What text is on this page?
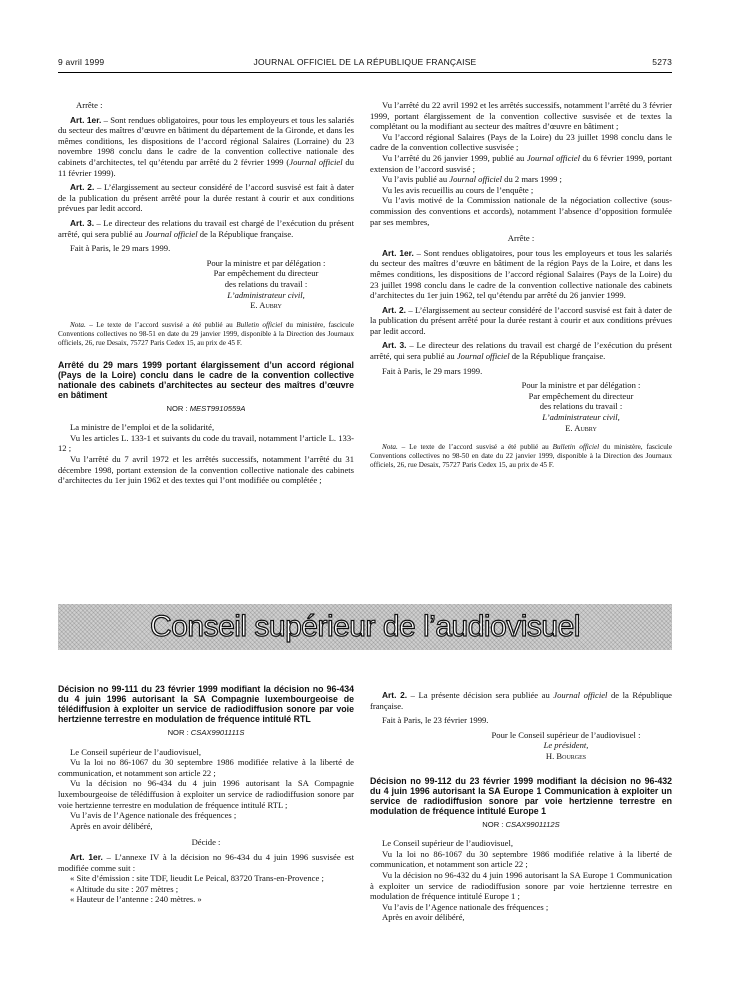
9 avril 1999	JOURNAL OFFICIEL DE LA RÉPUBLIQUE FRANÇAISE	5273

Arrête :

Art. 1er. – Sont rendues obligatoires, pour tous les employeurs et tous les salariés du secteur des maîtres d’œuvre en bâtiment du département de la Gironde, et dans les mêmes conditions, les dispositions de l’accord régional Salaires (Lorraine) du 23 novembre 1998 conclu dans le cadre de la convention collective nationale des cabinets d’architectes, tel qu’étendu par arrêté du 2 février 1999 (Journal officiel du 11 février 1999).

Art. 2. – L’élargissement au secteur considéré de l’accord susvisé est fait à dater de la publication du présent arrêté pour la durée restant à courir et aux conditions prévues par ledit accord.

Art. 3. – Le directeur des relations du travail est chargé de l’exécution du présent arrêté, qui sera publié au Journal officiel de la République française.

Fait à Paris, le 29 mars 1999.

Pour la ministre et par délégation :

Par empêchement du directeur

des relations du travail :

L’administrateur civil,

E. Aubry

Nota. – Le texte de l’accord susvisé a été publié au Bulletin officiel du ministère, fascicule Conventions collectives no 98-51 en date du 29 janvier 1999, disponible à la Direction des Journaux officiels, 26, rue Desaix, 75727 Paris Cedex 15, au prix de 45 F.

Arrêté du 29 mars 1999 portant élargissement d’un accord régional (Pays de la Loire) conclu dans le cadre de la convention collective nationale des cabinets d’architectes au secteur des maîtres d’œuvre en bâtiment

NOR : MESТ9910559A

La ministre de l’emploi et de la solidarité,

Vu les articles L. 133-1 et suivants du code du travail, notamment l’article L. 133-12 ;

Vu l’arrêté du 7 avril 1972 et les arrêtés successifs, notamment l’arrêté du 31 décembre 1998, portant extension de la convention collective nationale des cabinets d’architectes du 1er juin 1962 et des textes qui l’ont modifiée ou complétée ;

Vu l’arrêté du 22 avril 1992 et les arrêtés successifs, notamment l’arrêté du 3 février 1999, portant élargissement de la convention collective susvisée et de textes la complétant ou la modifiant au secteur des maîtres d’œuvre en bâtiment ;

Vu l’accord régional Salaires (Pays de la Loire) du 23 juillet 1998 conclu dans le cadre de la convention collective susvisée ;

Vu l’arrêté du 26 janvier 1999, publié au Journal officiel du 6 février 1999, portant extension de l’accord susvisé ;

Vu l’avis publié au Journal officiel du 2 mars 1999 ;

Vu les avis recueillis au cours de l’enquête ;

Vu l’avis motivé de la Commission nationale de la négociation collective (sous-commission des conventions et accords), notamment l’absence d’opposition formulée par ses membres,

Arrête :

Art. 1er. – Sont rendues obligatoires, pour tous les employeurs et tous les salariés du secteur des maîtres d’œuvre en bâtiment de la région Pays de la Loire, et dans les mêmes conditions, les dispositions de l’accord régional Salaires (Pays de la Loire) du 23 juillet 1998 conclu dans le cadre de la convention collective nationale des cabinets d’architectes du 1er juin 1962, tel qu’étendu par arrêté du 26 janvier 1999.

Art. 2. – L’élargissement au secteur considéré de l’accord susvisé est fait à dater de la publication du présent arrêté pour la durée restant à courir et aux conditions prévues par ledit accord.

Art. 3. – Le directeur des relations du travail est chargé de l’exécution du présent arrêté, qui sera publié au Journal officiel de la République française.

Fait à Paris, le 29 mars 1999.

Pour la ministre et par délégation :

Par empêchement du directeur

des relations du travail :

L’administrateur civil,

E. Aubry

Nota. – Le texte de l’accord susvisé a été publié au Bulletin officiel du ministère, fascicule Conventions collectives no 98-50 en date du 22 janvier 1999, disponible à la Direction des Journaux officiels, 26, rue Desaix, 75727 Paris Cedex 15, au prix de 45 F.

Conseil supérieur de l’audiovisuel

Décision no 99-111 du 23 février 1999 modifiant la décision no 96-434 du 4 juin 1996 autorisant la SA Compagnie luxembourgeoise de télédiffusion à exploiter un service de radiodiffusion sonore par voie hertzienne terrestre en modulation de fréquence intitulé RTL

NOR : CSAX9901111S

Le Conseil supérieur de l’audiovisuel,

Vu la loi no 86-1067 du 30 septembre 1986 modifiée relative à la liberté de communication, et notamment son article 22 ;

Vu la décision no 96-434 du 4 juin 1996 autorisant la SA Compagnie luxembourgeoise de télédiffusion à exploiter un service de radiodiffusion sonore par voie hertzienne terrestre en modulation de fréquence intitulé RTL ;

Vu l’avis de l’Agence nationale des fréquences ;

Après en avoir délibéré,

Décide :

Art. 1er. – L’annexe IV à la décision no 96-434 du 4 juin 1996 susvisée est modifiée comme suit :

« Site d’émission : site TDF, lieudit Le Peical, 83720 Trans-en-Provence ;

« Altitude du site : 207 mètres ;

« Hauteur de l’antenne : 240 mètres. »

Art. 2. – La présente décision sera publiée au Journal officiel de la République française.

Fait à Paris, le 23 février 1999.

Pour le Conseil supérieur de l’audiovisuel :

Le président,

H. Bourges

Décision no 99-112 du 23 février 1999 modifiant la décision no 96-432 du 4 juin 1996 autorisant la SA Europe 1 Communication à exploiter un service de radiodiffusion sonore par voie hertzienne terrestre en modulation de fréquence intitulé Europe 1

NOR : CSAX9901112S

Le Conseil supérieur de l’audiovisuel,

Vu la loi no 86-1067 du 30 septembre 1986 modifiée relative à la liberté de communication, et notamment son article 22 ;

Vu la décision no 96-432 du 4 juin 1996 autorisant la SA Europe 1 Communication à exploiter un service de radiodiffusion sonore par voie hertzienne terrestre en modulation de fréquence intitulé Europe 1 ;

Vu l’avis de l’Agence nationale des fréquences ;

Après en avoir délibéré,
